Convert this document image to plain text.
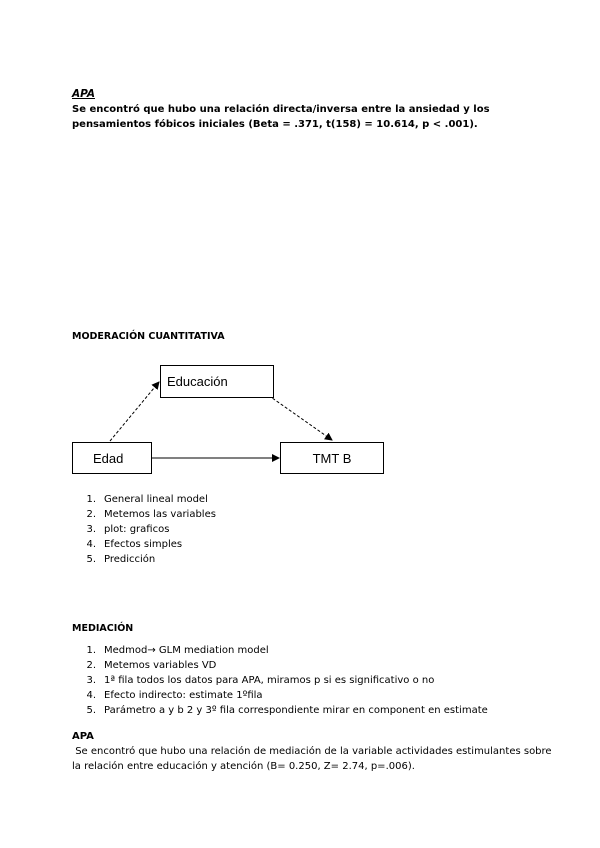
APA
Se encontró que hubo una relación directa/inversa entre la ansiedad y los pensamientos fóbicos iniciales (Beta = .371, t(158) = 10.614, p < .001).
MODERACIÓN CUANTITATIVA
Educación
Edad	TMT B
1. General lineal model
2. Metemos las variables
3. plot: graficos
4. Efectos simples
5. Predicción
MEDIACIÓN
1. Medmod→ GLM mediation model
2. Metemos variables VD
3. 1ª fila todos los datos para APA, miramos p si es significativo o no
4. Efecto indirecto: estimate 1ºfila
5. Parámetro a y b 2 y 3º fila correspondiente mirar en component en estimate
APA
Se encontró que hubo una relación de mediación de la variable actividades estimulantes sobre la relación entre educación y atención (B= 0.250, Z= 2.74, p=.006).
